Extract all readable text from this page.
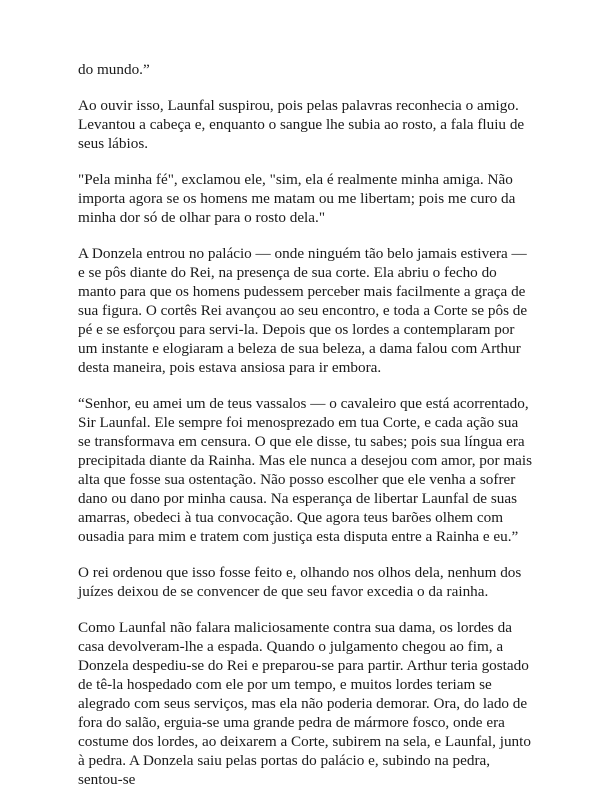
do mundo.”

Ao ouvir isso, Launfal suspirou, pois pelas palavras reconhecia o amigo. Levantou a cabeça e, enquanto o sangue lhe subia ao rosto, a fala fluiu de seus lábios.

"Pela minha fé", exclamou ele, "sim, ela é realmente minha amiga. Não importa agora se os homens me matam ou me libertam; pois me curo da minha dor só de olhar para o rosto dela."

A Donzela entrou no palácio — onde ninguém tão belo jamais estivera — e se pôs diante do Rei, na presença de sua corte. Ela abriu o fecho do manto para que os homens pudessem perceber mais facilmente a graça de sua figura. O cortês Rei avançou ao seu encontro, e toda a Corte se pôs de pé e se esforçou para servi-la. Depois que os lordes a contemplaram por um instante e elogiaram a beleza de sua beleza, a dama falou com Arthur desta maneira, pois estava ansiosa para ir embora.

“Senhor, eu amei um de teus vassalos — o cavaleiro que está acorrentado, Sir Launfal. Ele sempre foi menosprezado em tua Corte, e cada ação sua se transformava em censura. O que ele disse, tu sabes; pois sua língua era precipitada diante da Rainha. Mas ele nunca a desejou com amor, por mais alta que fosse sua ostentação. Não posso escolher que ele venha a sofrer dano ou dano por minha causa. Na esperança de libertar Launfal de suas amarras, obedeci à tua convocação. Que agora teus barões olhem com ousadia para mim e tratem com justiça esta disputa entre a Rainha e eu.”

O rei ordenou que isso fosse feito e, olhando nos olhos dela, nenhum dos juízes deixou de se convencer de que seu favor excedia o da rainha.

Como Launfal não falara maliciosamente contra sua dama, os lordes da casa devolveram-lhe a espada. Quando o julgamento chegou ao fim, a Donzela despediu-se do Rei e preparou-se para partir. Arthur teria gostado de tê-la hospedado com ele por um tempo, e muitos lordes teriam se alegrado com seus serviços, mas ela não poderia demorar. Ora, do lado de fora do salão, erguia-se uma grande pedra de mármore fosco, onde era costume dos lordes, ao deixarem a Corte, subirem na sela, e Launfal, junto à pedra. A Donzela saiu pelas portas do palácio e, subindo na pedra, sentou-se
